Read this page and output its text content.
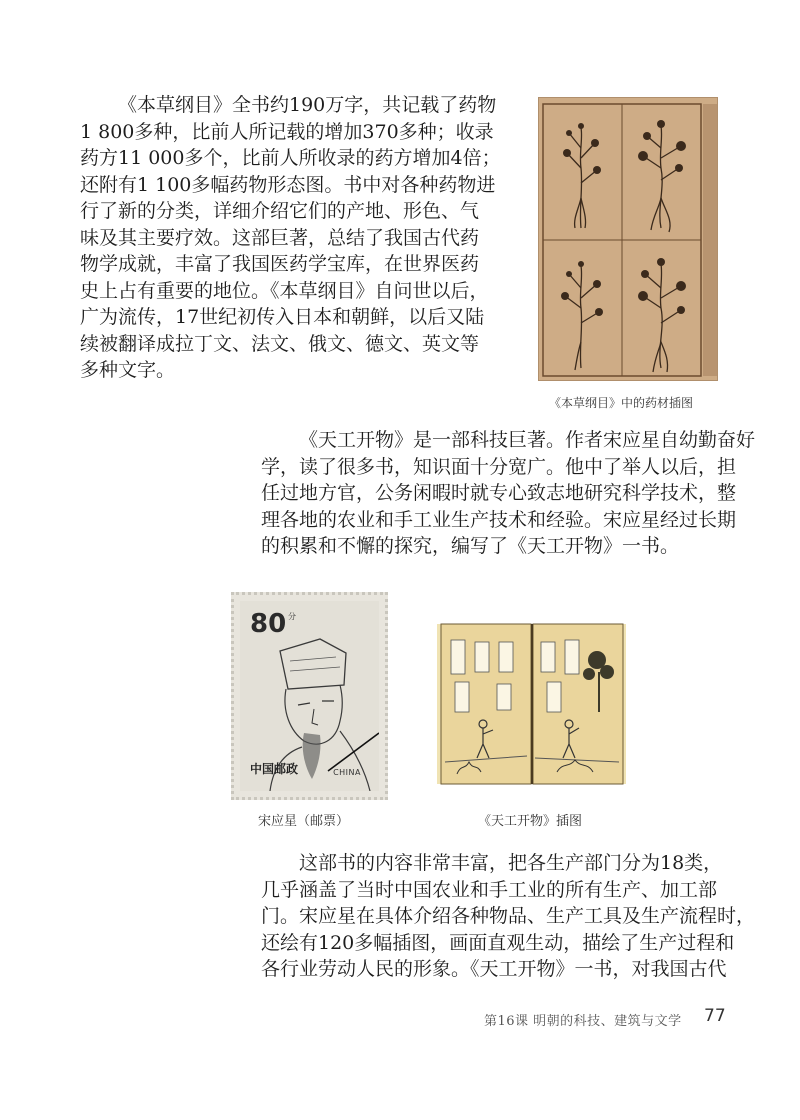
《本草纲目》全书约190万字，共记载了药物
1 800多种，比前人所记载的增加370多种；收录
药方11 000多个，比前人所收录的药方增加4倍；
还附有1 100多幅药物形态图。书中对各种药物进
行了新的分类，详细介绍它们的产地、形色、气
味及其主要疗效。这部巨著，总结了我国古代药
物学成就，丰富了我国医药学宝库，在世界医药
史上占有重要的地位。《本草纲目》自问世以后，
广为流传，17世纪初传入日本和朝鲜，以后又陆
续被翻译成拉丁文、法文、俄文、德文、英文等
多种文字。
《本草纲目》中的药材插图
《天工开物》是一部科技巨著。作者宋应星自幼勤奋好
学，读了很多书，知识面十分宽广。他中了举人以后，担
任过地方官，公务闲暇时就专心致志地研究科学技术，整
理各地的农业和手工业生产技术和经验。宋应星经过长期
的积累和不懈的探究，编写了《天工开物》一书。
80 分
中国邮政	CHINA
宋应星（邮票）	《天工开物》插图
这部书的内容非常丰富，把各生产部门分为18类，
几乎涵盖了当时中国农业和手工业的所有生产、加工部
门。宋应星在具体介绍各种物品、生产工具及生产流程时，
还绘有120多幅插图，画面直观生动，描绘了生产过程和
各行业劳动人民的形象。《天工开物》一书，对我国古代
第16课 明朝的科技、建筑与文学 77
